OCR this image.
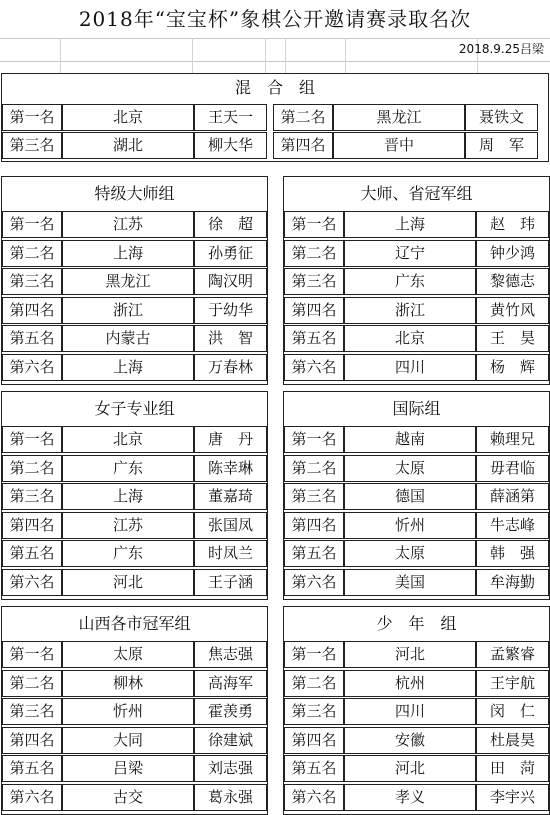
2018年“宝宝杯”象棋公开邀请赛录取名次
2018.9.25吕梁
混　合　组
第一名	北京	王天一	第二名	黑龙江	聂铁文
第三名	湖北	柳大华	第四名	晋中	周　军
特级大师组
第一名	江苏	徐　超
第二名	上海	孙勇征
第三名	黑龙江	陶汉明
第四名	浙江	于幼华
第五名	内蒙古	洪　智
第六名	上海	万春林
大师、省冠军组
第一名	上海	赵　玮
第二名	辽宁	钟少鸿
第三名	广东	黎德志
第四名	浙江	黄竹风
第五名	北京	王　昊
第六名	四川	杨　辉
女子专业组
第一名	北京	唐　丹
第二名	广东	陈幸琳
第三名	上海	董嘉琦
第四名	江苏	张国凤
第五名	广东	时凤兰
第六名	河北	王子涵
国际组
第一名	越南	赖理兄
第二名	太原	毋君临
第三名	德国	薛涵第
第四名	忻州	牛志峰
第五名	太原	韩　强
第六名	美国	牟海勤
山西各市冠军组
第一名	太原	焦志强
第二名	柳林	高海军
第三名	忻州	霍羡勇
第四名	大同	徐建斌
第五名	吕梁	刘志强
第六名	古交	葛永强
少　年　组
第一名	河北	孟繁睿
第二名	杭州	王宇航
第三名	四川	闵　仁
第四名	安徽	杜晨昊
第五名	河北	田　菏
第六名	孝义	李宇兴
